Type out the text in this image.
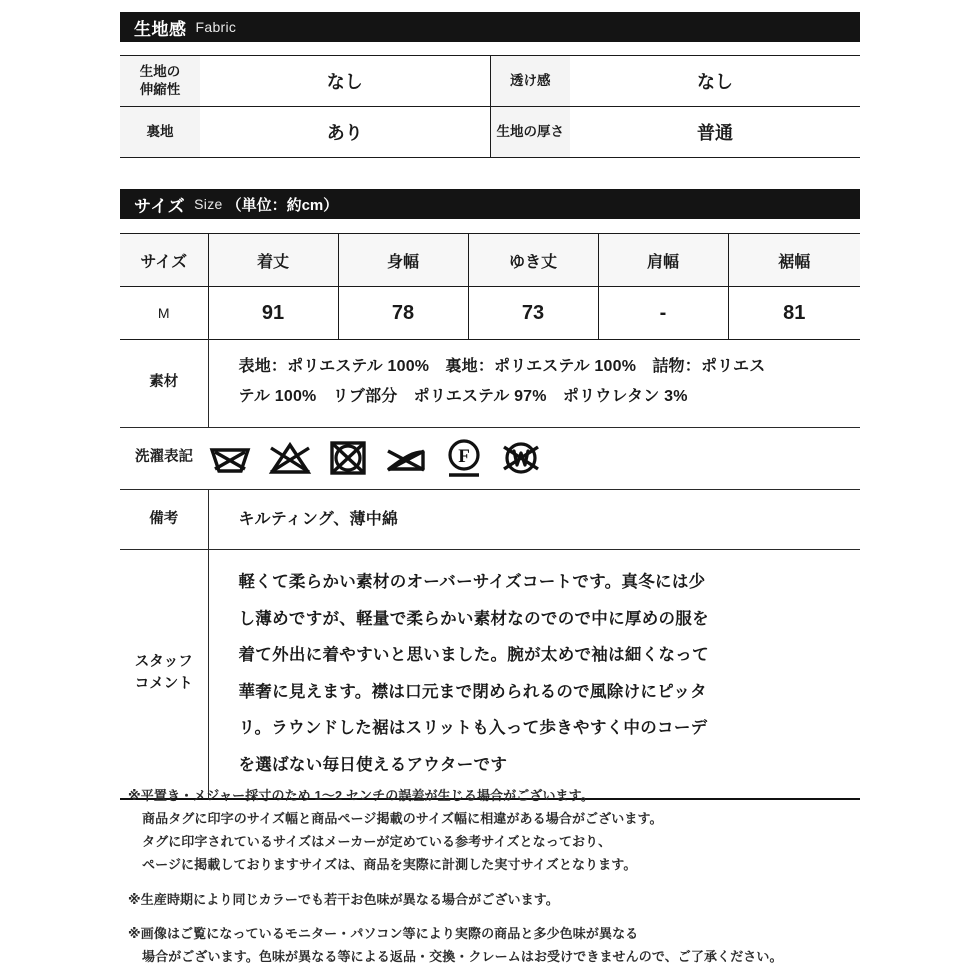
生地感 Fabric
生地の
伸縮性	なし	透け感	なし
裏地	あり	生地の厚さ	普通
サイズ Size （単位：約cm）
サイズ	着丈	身幅	ゆき丈	肩幅	裾幅
M	91	78	73	-	81
素材	表地：ポリエステル 100%　裏地：ポリエステル 100%　詰物：ポリエス
テル 100%　リブ部分　ポリエステル 97%　ポリウレタン 3%

洗濯表記	F

備考	キルティング、薄中綿

スタッフ
コメント

軽くて柔らかい素材のオーバーサイズコートです。真冬には少
し薄めですが、軽量で柔らかい素材なのでので中に厚めの服を
着て外出に着やすいと思いました。腕が太めで袖は細くなって
華奢に見えます。襟は口元まで閉められるので風除けにピッタ
リ。ラウンドした裾はスリットも入って歩きやすく中のコーデ
を選ばない毎日使えるアウターです
※平置き・メジャー採寸のため 1〜2 センチの誤差が生じる場合がございます。
商品タグに印字のサイズ幅と商品ページ掲載のサイズ幅に相違がある場合がございます。
タグに印字されているサイズはメーカーが定めている参考サイズとなっており、
ページに掲載しておりますサイズは、商品を実際に計測した実寸サイズとなります。
※生産時期により同じカラーでも若干お色味が異なる場合がございます。
※画像はご覧になっているモニター・パソコン等により実際の商品と多少色味が異なる
場合がございます。色味が異なる等による返品・交換・クレームはお受けできませんので、ご了承ください。
